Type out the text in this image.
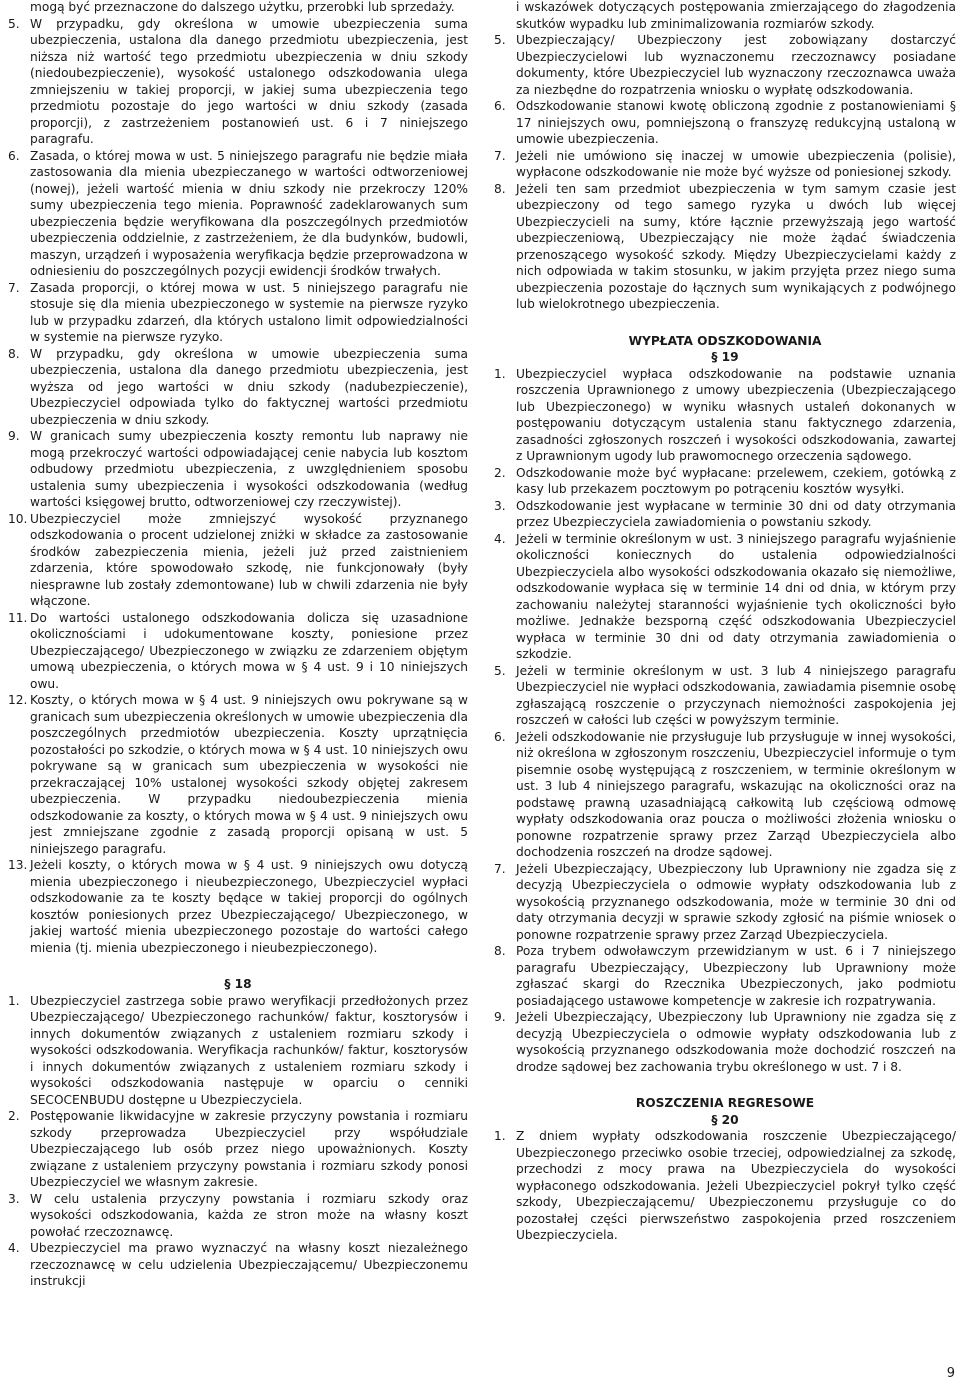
mogą być przeznaczone do dalszego użytku, przerobki lub sprzedaży.

5. W przypadku, gdy określona w umowie ubezpieczenia suma ubezpieczenia, ustalona dla danego przedmiotu ubezpieczenia, jest niższa niż wartość tego przedmiotu ubezpieczenia w dniu szkody (niedoubezpieczenie), wysokość ustalonego odszkodowania ulega zmniejszeniu w takiej proporcji, w jakiej suma ubezpieczenia tego przedmiotu pozostaje do jego wartości w dniu szkody (zasada proporcji), z zastrzeżeniem postanowień ust. 6 i 7 niniejszego paragrafu.
6. Zasada, o której mowa w ust. 5 niniejszego paragrafu nie będzie miała zastosowania dla mienia ubezpieczanego w wartości odtworzeniowej (nowej), jeżeli wartość mienia w dniu szkody nie przekroczy 120% sumy ubezpieczenia tego mienia. Poprawność zadeklarowanych sum ubezpieczenia będzie weryfikowana dla poszczególnych przedmiotów ubezpieczenia oddzielnie, z zastrzeżeniem, że dla budynków, budowli, maszyn, urządzeń i wyposażenia weryfikacja będzie przeprowadzona w odniesieniu do poszczególnych pozycji ewidencji środków trwałych.
7. Zasada proporcji, o której mowa w ust. 5 niniejszego paragrafu nie stosuje się dla mienia ubezpieczonego w systemie na pierwsze ryzyko lub w przypadku zdarzeń, dla których ustalono limit odpowiedzialności w systemie na pierwsze ryzyko.
8. W przypadku, gdy określona w umowie ubezpieczenia suma ubezpieczenia, ustalona dla danego przedmiotu ubezpieczenia, jest wyższa od jego wartości w dniu szkody (nadubezpieczenie), Ubezpieczyciel odpowiada tylko do faktycznej wartości przedmiotu ubezpieczenia w dniu szkody.
9. W granicach sumy ubezpieczenia koszty remontu lub naprawy nie mogą przekroczyć wartości odpowiadającej cenie nabycia lub kosztom odbudowy przedmiotu ubezpieczenia, z uwzględnieniem sposobu ustalenia sumy ubezpieczenia i wysokości odszkodowania (według wartości księgowej brutto, odtworzeniowej czy rzeczywistej).
10. Ubezpieczyciel może zmniejszyć wysokość przyznanego odszkodowania o procent udzielonej zniżki w składce za zastosowanie środków zabezpieczenia mienia, jeżeli już przed zaistnieniem zdarzenia, które spowodowało szkodę, nie funkcjonowały (były niesprawne lub zostały zdemontowane) lub w chwili zdarzenia nie były włączone.
11. Do wartości ustalonego odszkodowania dolicza się uzasadnione okolicznościami i udokumentowane koszty, poniesione przez Ubezpieczającego/ Ubezpieczonego w związku ze zdarzeniem objętym umową ubezpieczenia, o których mowa w § 4 ust. 9 i 10 niniejszych owu.
12. Koszty, o których mowa w § 4 ust. 9 niniejszych owu pokrywane są w granicach sum ubezpieczenia określonych w umowie ubezpieczenia dla poszczególnych przedmiotów ubezpieczenia. Koszty uprzątnięcia pozostałości po szkodzie, o których mowa w § 4 ust. 10 niniejszych owu pokrywane są w granicach sum ubezpieczenia w wysokości nie przekraczającej 10% ustalonej wysokości szkody objętej zakresem ubezpieczenia. W przypadku niedoubezpieczenia mienia odszkodowanie za koszty, o których mowa w § 4 ust. 9 niniejszych owu jest zmniejszane zgodnie z zasadą proporcji opisaną w ust. 5 niniejszego paragrafu.
13. Jeżeli koszty, o których mowa w § 4 ust. 9 niniejszych owu dotyczą mienia ubezpieczonego i nieubezpieczonego, Ubezpieczyciel wypłaci odszkodowanie za te koszty będące w takiej proporcji do ogólnych kosztów poniesionych przez Ubezpieczającego/ Ubezpieczonego, w jakiej wartość mienia ubezpieczonego pozostaje do wartości całego mienia (tj. mienia ubezpieczonego i nieubezpieczonego).

§ 18

1. Ubezpieczyciel zastrzega sobie prawo weryfikacji przedłożonych przez Ubezpieczającego/ Ubezpieczonego rachunków/ faktur, kosztorysów i innych dokumentów związanych z ustaleniem rozmiaru szkody i wysokości odszkodowania. Weryfikacja rachunków/ faktur, kosztorysów i innych dokumentów związanych z ustaleniem rozmiaru szkody i wysokości odszkodowania następuje w oparciu o cenniki SECOCENBUDU dostępne u Ubezpieczyciela.
2. Postępowanie likwidacyjne w zakresie przyczyny powstania i rozmiaru szkody przeprowadza Ubezpieczyciel przy współudziale Ubezpieczającego lub osób przez niego upoważnionych. Koszty związane z ustaleniem przyczyny powstania i rozmiaru szkody ponosi Ubezpieczyciel we własnym zakresie.
3. W celu ustalenia przyczyny powstania i rozmiaru szkody oraz wysokości odszkodowania, każda ze stron może na własny koszt powołać rzeczoznawcę.
4. Ubezpieczyciel ma prawo wyznaczyć na własny koszt niezależnego rzeczoznawcę w celu udzielenia Ubezpieczającemu/ Ubezpieczonemu instrukcji

i wskazówek dotyczących postępowania zmierzającego do złagodzenia skutków wypadku lub zminimalizowania rozmiarów szkody.

5. Ubezpieczający/ Ubezpieczony jest zobowiązany dostarczyć Ubezpieczycielowi lub wyznaczonemu rzeczoznawcy posiadane dokumenty, które Ubezpieczyciel lub wyznaczony rzeczoznawca uważa za niezbędne do rozpatrzenia wniosku o wypłatę odszkodowania.
6. Odszkodowanie stanowi kwotę obliczoną zgodnie z postanowieniami § 17 niniejszych owu, pomniejszoną o franszyzę redukcyjną ustaloną w umowie ubezpieczenia.
7. Jeżeli nie umówiono się inaczej w umowie ubezpieczenia (polisie), wypłacone odszkodowanie nie może być wyższe od poniesionej szkody.
8. Jeżeli ten sam przedmiot ubezpieczenia w tym samym czasie jest ubezpieczony od tego samego ryzyka u dwóch lub więcej Ubezpieczycieli na sumy, które łącznie przewyższają jego wartość ubezpieczeniową, Ubezpieczający nie może żądać świadczenia przenoszącego wysokość szkody. Między Ubezpieczycielami każdy z nich odpowiada w takim stosunku, w jakim przyjęta przez niego suma ubezpieczenia pozostaje do łącznych sum wynikających z podwójnego lub wielokrotnego ubezpieczenia.

WYPŁATA ODSZKODOWANIA

§ 19

1. Ubezpieczyciel wypłaca odszkodowanie na podstawie uznania roszczenia Uprawnionego z umowy ubezpieczenia (Ubezpieczającego lub Ubezpieczonego) w wyniku własnych ustaleń dokonanych w postępowaniu dotyczącym ustalenia stanu faktycznego zdarzenia, zasadności zgłoszonych roszczeń i wysokości odszkodowania, zawartej z Uprawnionym ugody lub prawomocnego orzeczenia sądowego.
2. Odszkodowanie może być wypłacane: przelewem, czekiem, gotówką z kasy lub przekazem pocztowym po potrąceniu kosztów wysyłki.
3. Odszkodowanie jest wypłacane w terminie 30 dni od daty otrzymania przez Ubezpieczyciela zawiadomienia o powstaniu szkody.
4. Jeżeli w terminie określonym w ust. 3 niniejszego paragrafu wyjaśnienie okoliczności koniecznych do ustalenia odpowiedzialności Ubezpieczyciela albo wysokości odszkodowania okazało się niemożliwe, odszkodowanie wypłaca się w terminie 14 dni od dnia, w którym przy zachowaniu należytej staranności wyjaśnienie tych okoliczności było możliwe. Jednakże bezsporną część odszkodowania Ubezpieczyciel wypłaca w terminie 30 dni od daty otrzymania zawiadomienia o szkodzie.
5. Jeżeli w terminie określonym w ust. 3 lub 4 niniejszego paragrafu Ubezpieczyciel nie wypłaci odszkodowania, zawiadamia pisemnie osobę zgłaszającą roszczenie o przyczynach niemożności zaspokojenia jej roszczeń w całości lub części w powyższym terminie.
6. Jeżeli odszkodowanie nie przysługuje lub przysługuje w innej wysokości, niż określona w zgłoszonym roszczeniu, Ubezpieczyciel informuje o tym pisemnie osobę występującą z roszczeniem, w terminie określonym w ust. 3 lub 4 niniejszego paragrafu, wskazując na okoliczności oraz na podstawę prawną uzasadniającą całkowitą lub częściową odmowę wypłaty odszkodowania oraz poucza o możliwości złożenia wniosku o ponowne rozpatrzenie sprawy przez Zarząd Ubezpieczyciela albo dochodzenia roszczeń na drodze sądowej.
7. Jeżeli Ubezpieczający, Ubezpieczony lub Uprawniony nie zgadza się z decyzją Ubezpieczyciela o odmowie wypłaty odszkodowania lub z wysokością przyznanego odszkodowania, może w terminie 30 dni od daty otrzymania decyzji w sprawie szkody zgłosić na piśmie wniosek o ponowne rozpatrzenie sprawy przez Zarząd Ubezpieczyciela.
8. Poza trybem odwoławczym przewidzianym w ust. 6 i 7 niniejszego paragrafu Ubezpieczający, Ubezpieczony lub Uprawniony może zgłaszać skargi do Rzecznika Ubezpieczonych, jako podmiotu posiadającego ustawowe kompetencje w zakresie ich rozpatrywania.
9. Jeżeli Ubezpieczający, Ubezpieczony lub Uprawniony nie zgadza się z decyzją Ubezpieczyciela o odmowie wypłaty odszkodowania lub z wysokością przyznanego odszkodowania może dochodzić roszczeń na drodze sądowej bez zachowania trybu określonego w ust. 7 i 8.

ROSZCZENIA REGRESOWE

§ 20

1. Z dniem wypłaty odszkodowania roszczenie Ubezpieczającego/ Ubezpieczonego przeciwko osobie trzeciej, odpowiedzialnej za szkodę, przechodzi z mocy prawa na Ubezpieczyciela do wysokości wypłaconego odszkodowania. Jeżeli Ubezpieczyciel pokrył tylko część szkody, Ubezpieczającemu/ Ubezpieczonemu przysługuje co do pozostałej części pierwszeństwo zaspokojenia przed roszczeniem Ubezpieczyciela.
9
